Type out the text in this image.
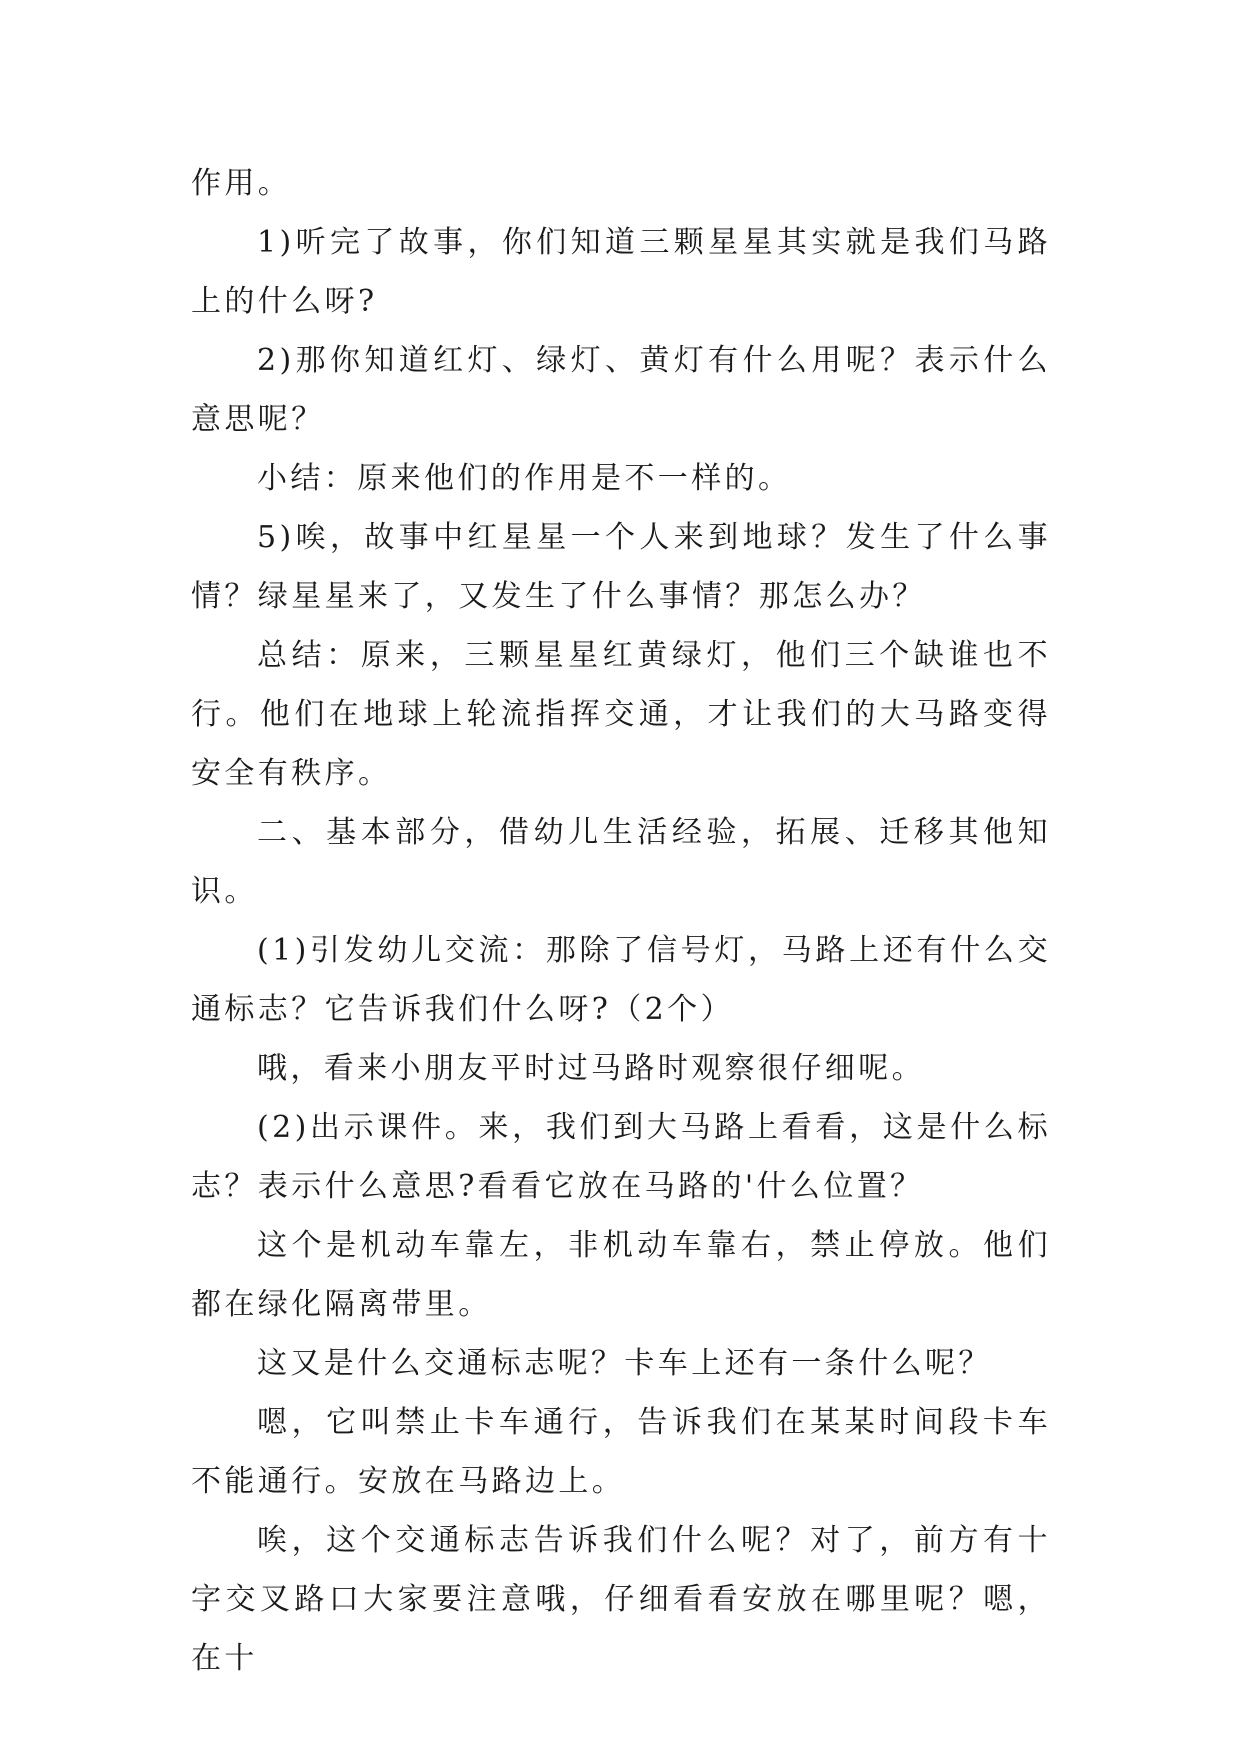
作用。

1)听完了故事，你们知道三颗星星其实就是我们马路上的什么呀?

2)那你知道红灯、绿灯、黄灯有什么用呢？表示什么意思呢？

小结：原来他们的作用是不一样的。

5)唉，故事中红星星一个人来到地球？发生了什么事情？绿星星来了，又发生了什么事情？那怎么办？

总结：原来，三颗星星红黄绿灯，他们三个缺谁也不行。他们在地球上轮流指挥交通，才让我们的大马路变得安全有秩序。

二、基本部分，借幼儿生活经验，拓展、迁移其他知识。

(1)引发幼儿交流：那除了信号灯，马路上还有什么交通标志？它告诉我们什么呀?（2个）

哦，看来小朋友平时过马路时观察很仔细呢。

(2)出示课件。来，我们到大马路上看看，这是什么标志？表示什么意思?看看它放在马路的'什么位置？

这个是机动车靠左，非机动车靠右，禁止停放。他们都在绿化隔离带里。

这又是什么交通标志呢？卡车上还有一条什么呢？

嗯，它叫禁止卡车通行，告诉我们在某某时间段卡车不能通行。安放在马路边上。

唉，这个交通标志告诉我们什么呢？对了，前方有十字交叉路口大家要注意哦，仔细看看安放在哪里呢？嗯，在十
